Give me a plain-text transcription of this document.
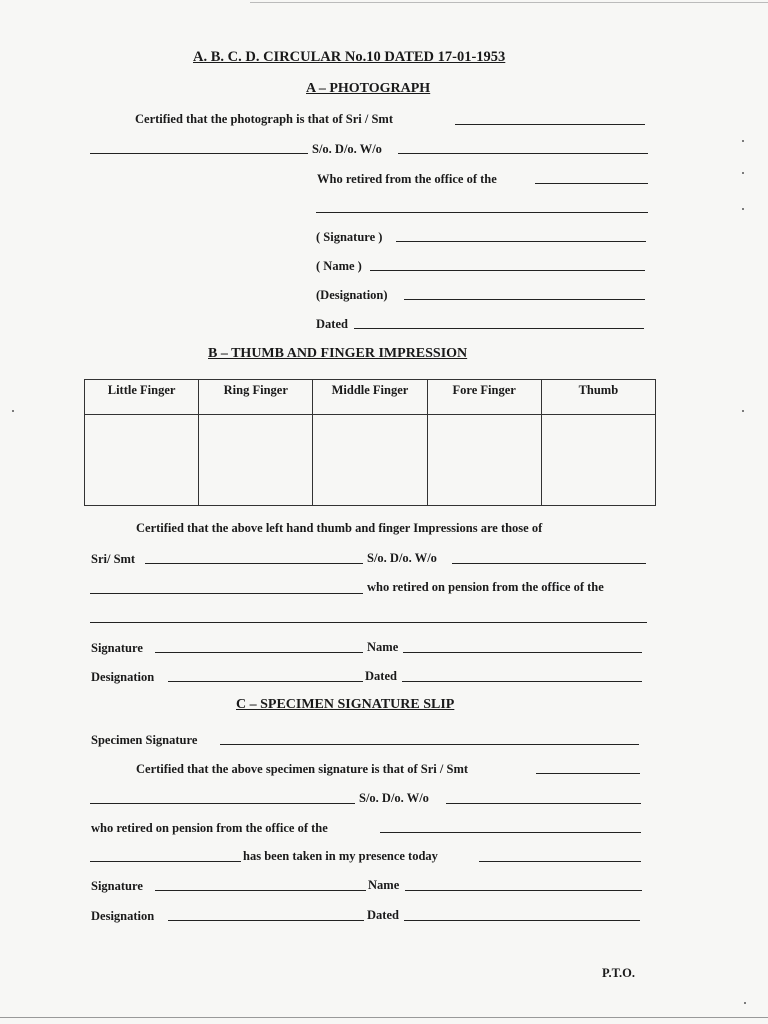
A. B. C. D. CIRCULAR No.10 DATED 17-01-1953
A – PHOTOGRAPH
Certified that the photograph is that of Sri / Smt
S/o. D/o. W/o
Who retired from the office of the
( Signature )
( Name )
(Designation)
Dated
B – THUMB AND FINGER IMPRESSION
Little Finger	Ring Finger	Middle Finger	Fore Finger	Thumb

Certified that the above left hand thumb and finger Impressions are those of
Sri/ Smt	S/o. D/o. W/o
who retired on pension from the office of the
Signature	Name
Designation	Dated
C – SPECIMEN SIGNATURE SLIP
Specimen Signature
Certified that the above specimen signature is that of Sri / Smt
S/o. D/o. W/o
who retired on pension from the office of the
has been taken in my presence today
Signature	Name
Designation	Dated
P.T.O.
